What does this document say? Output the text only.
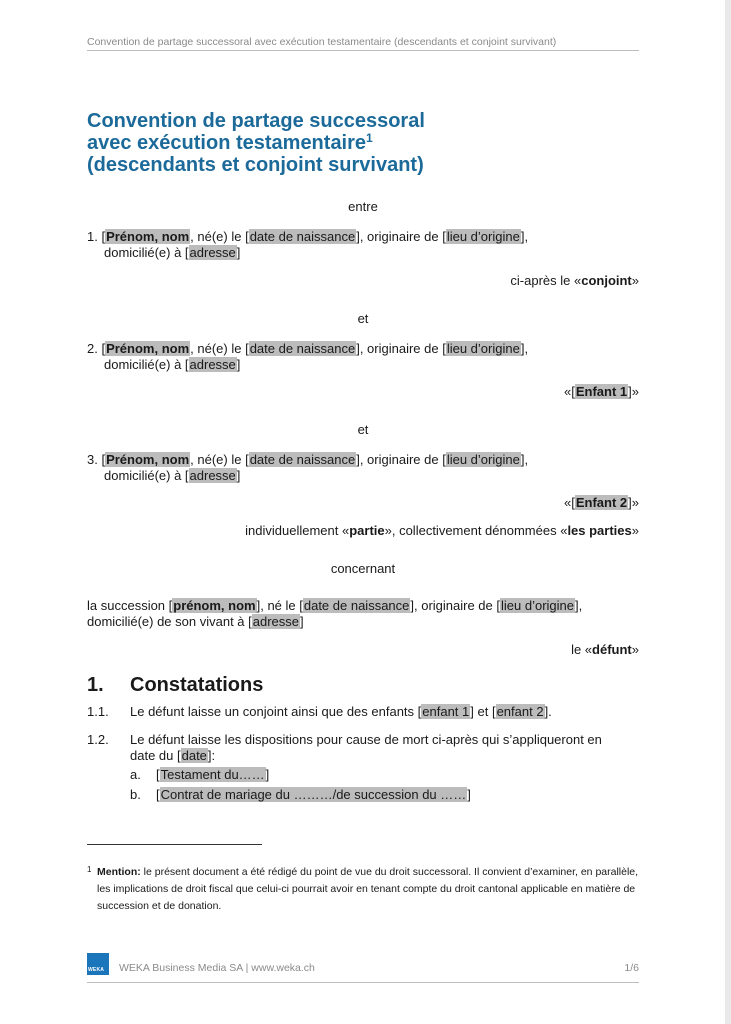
Convention de partage successoral avec exécution testamentaire (descendants et conjoint survivant)
Convention de partage successoral
avec exécution testamentaire$^1$
(descendants et conjoint survivant)
entre
1. [Prénom, nom, né(e) le [date de naissance], originaire de [lieu d’origine],
domicilié(e) à [adresse]
ci-après le «conjoint»
et
2. [Prénom, nom, né(e) le [date de naissance], originaire de [lieu d’origine],
domicilié(e) à [adresse]
«[Enfant 1]»
et
3. [Prénom, nom, né(e) le [date de naissance], originaire de [lieu d’origine],
domicilié(e) à [adresse]
«[Enfant 2]»
individuellement «partie», collectivement dénommées «les parties»
concernant
la succession [prénom, nom], né le [date de naissance], originaire de [lieu d’origine],
domicilié(e) de son vivant à [adresse]
le «défunt»
1. Constatations
1.1. Le défunt laisse un conjoint ainsi que des enfants [enfant 1] et [enfant 2].
1.2. Le défunt laisse les dispositions pour cause de mort ci-après qui s’appliqueront en
date du [date]:
a. [Testament du……]
b. [Contrat de mariage du ………/de succession du ……]
1 Mention: le présent document a été rédigé du point de vue du droit successoral. Il convient d’examiner, en parallèle, les implications de droit fiscal que celui-ci pourrait avoir en tenant compte du droit cantonal applicable en matière de succession et de donation.
WEKA WEKA Business Media SA | www.weka.ch	1/6
